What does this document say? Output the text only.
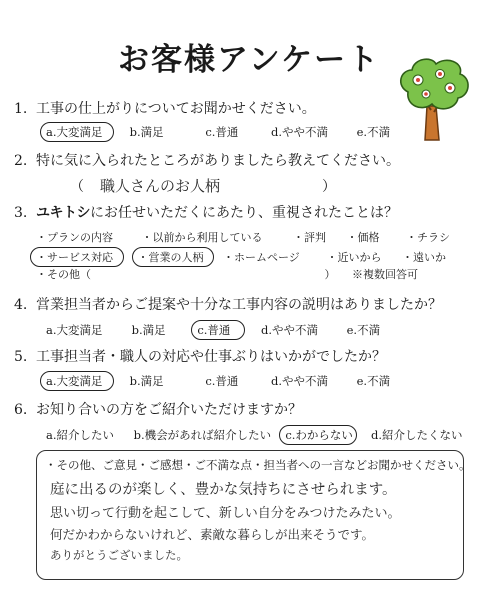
お客様アンケート
1. 工事の仕上がりについてお聞かせください。
a.大変満足 b.満足	c.普通	d.やや不満 e.不満
2. 特に気に入られたところがありましたら教えてください。
（ 職人さんのお人柄	）
3. ユキトシにお任せいただくにあたり、重視されたことは？
・プランの内容	・以前から利用している	・評判 ・価格 ・チラシ
・サービス対応 ・営業の人柄 ・ホームページ ・近いから ・遠いか
・その他（	） ※複数回答可
4. 営業担当者からご提案や十分な工事内容の説明はありましたか？
a.大変満足	b.満足	c.普通	d.やや不満 e.不満
5. 工事担当者・職人の対応や仕事ぶりはいかがでしたか？
a.大変満足 b.満足	c.普通	d.やや不満 e.不満
6. お知り合いの方をご紹介いただけますか？
a.紹介したい b.機会があれば紹介したい c.わからない d.紹介したくない
・その他、ご意見・ご感想・ご不満な点・担当者への一言などお聞かせください。
庭に出るのが楽しく、豊かな気持ちにさせられます。
思い切って行動を起こして、新しい自分をみつけたみたい。
何だかわからないけれど、素敵な暮らしが出来そうです。
ありがとうございました。
